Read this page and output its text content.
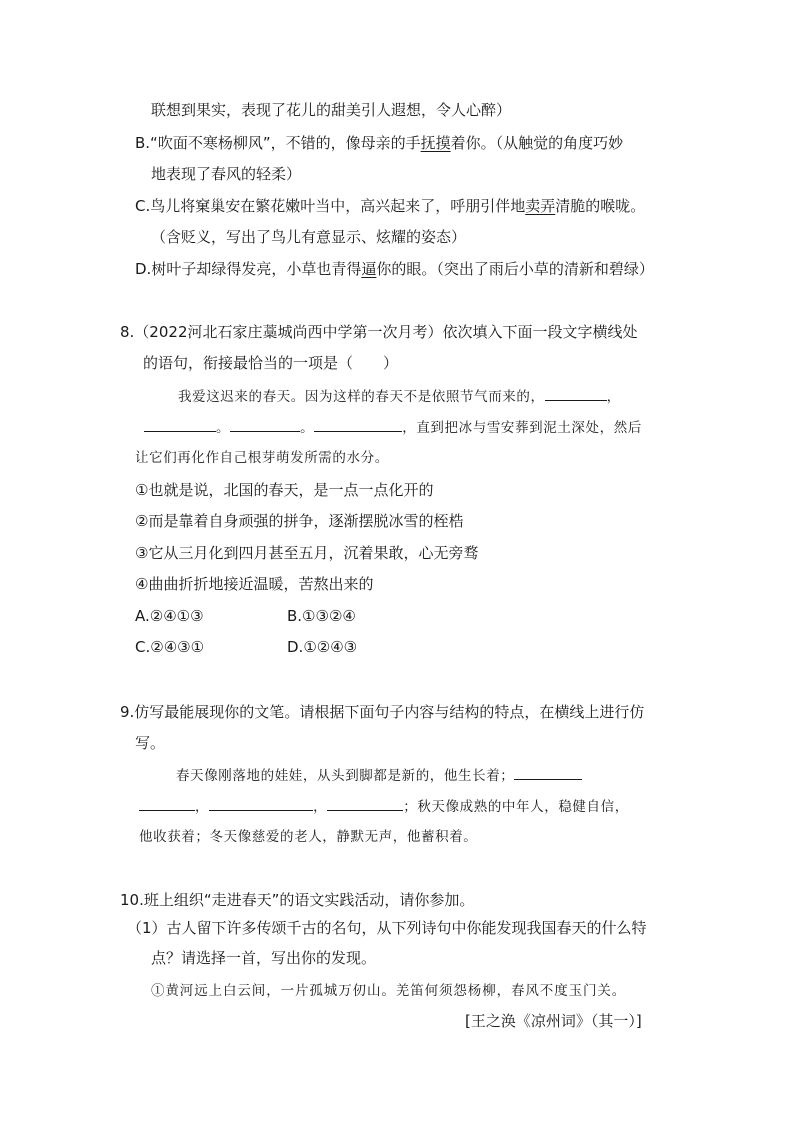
联想到果实，表现了花儿的甜美引人遐想，令人心醉）
B.“吹面不寒杨柳风”，不错的，像母亲的手抚摸着你。（从触觉的角度巧妙
地表现了春风的轻柔）
C.鸟儿将窠巢安在繁花嫩叶当中，高兴起来了，呼朋引伴地卖弄清脆的喉咙。
（含贬义，写出了鸟儿有意显示、炫耀的姿态）
D.树叶子却绿得发亮，小草也青得逼你的眼。（突出了雨后小草的清新和碧绿）
8.（2022河北石家庄藁城尚西中学第一次月考）依次填入下面一段文字横线处
的语句，衔接最恰当的一项是（　　）
我爱这迟来的春天。因为这样的春天不是依照节气而来的，	，
。	。	，直到把冰与雪安葬到泥土深处，然后
让它们再化作自己根芽萌发所需的水分。
①也就是说，北国的春天，是一点一点化开的
②而是靠着自身顽强的拼争，逐渐摆脱冰雪的桎梏
③它从三月化到四月甚至五月，沉着果敢，心无旁骛
④曲曲折折地接近温暖，苦熬出来的
A.②④①③	B.①③②④
C.②④③①	D.①②④③
9.仿写最能展现你的文笔。请根据下面句子内容与结构的特点，在横线上进行仿
写。
春天像刚落地的娃娃，从头到脚都是新的，他生长着；
，	，	；秋天像成熟的中年人，稳健自信，
他收获着；冬天像慈爱的老人，静默无声，他蓄积着。
10.班上组织“走进春天”的语文实践活动，请你参加。
（1）古人留下许多传颂千古的名句，从下列诗句中你能发现我国春天的什么特
点？请选择一首，写出你的发现。
①黄河远上白云间，一片孤城万仞山。羌笛何须怨杨柳，春风不度玉门关。
[王之涣《凉州词》（其一）]
